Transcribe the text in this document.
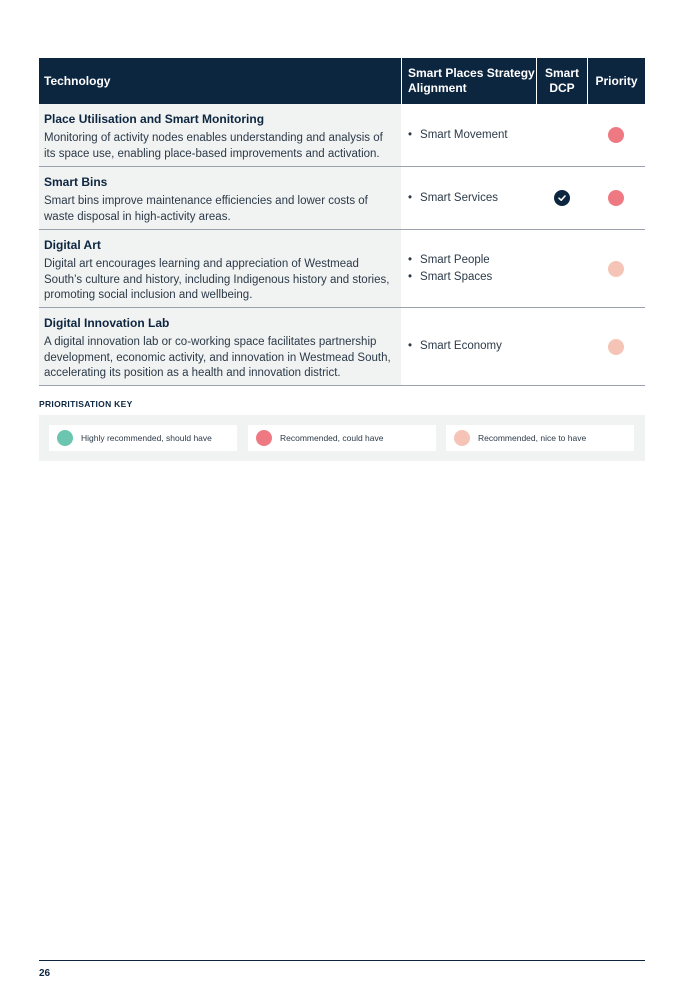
Technology
Smart Places Strategy Alignment
Smart DCP
Priority
Place Utilisation and Smart Monitoring
Monitoring of activity nodes enables understanding and analysis of its space use, enabling place-based improvements and activation.
• Smart Movement
Smart Bins
Smart bins improve maintenance efficiencies and lower costs of waste disposal in high-activity areas.
• Smart Services
Digital Art
Digital art encourages learning and appreciation of Westmead South’s culture and history, including Indigenous history and stories, promoting social inclusion and wellbeing.
• Smart People
• Smart Spaces
Digital Innovation Lab
A digital innovation lab or co-working space facilitates partnership development, economic activity, and innovation in Westmead South, accelerating its position as a health and innovation district.
• Smart Economy
PRIORITISATION KEY
Highly recommended, should have	Recommended, could have	Recommended, nice to have
26
